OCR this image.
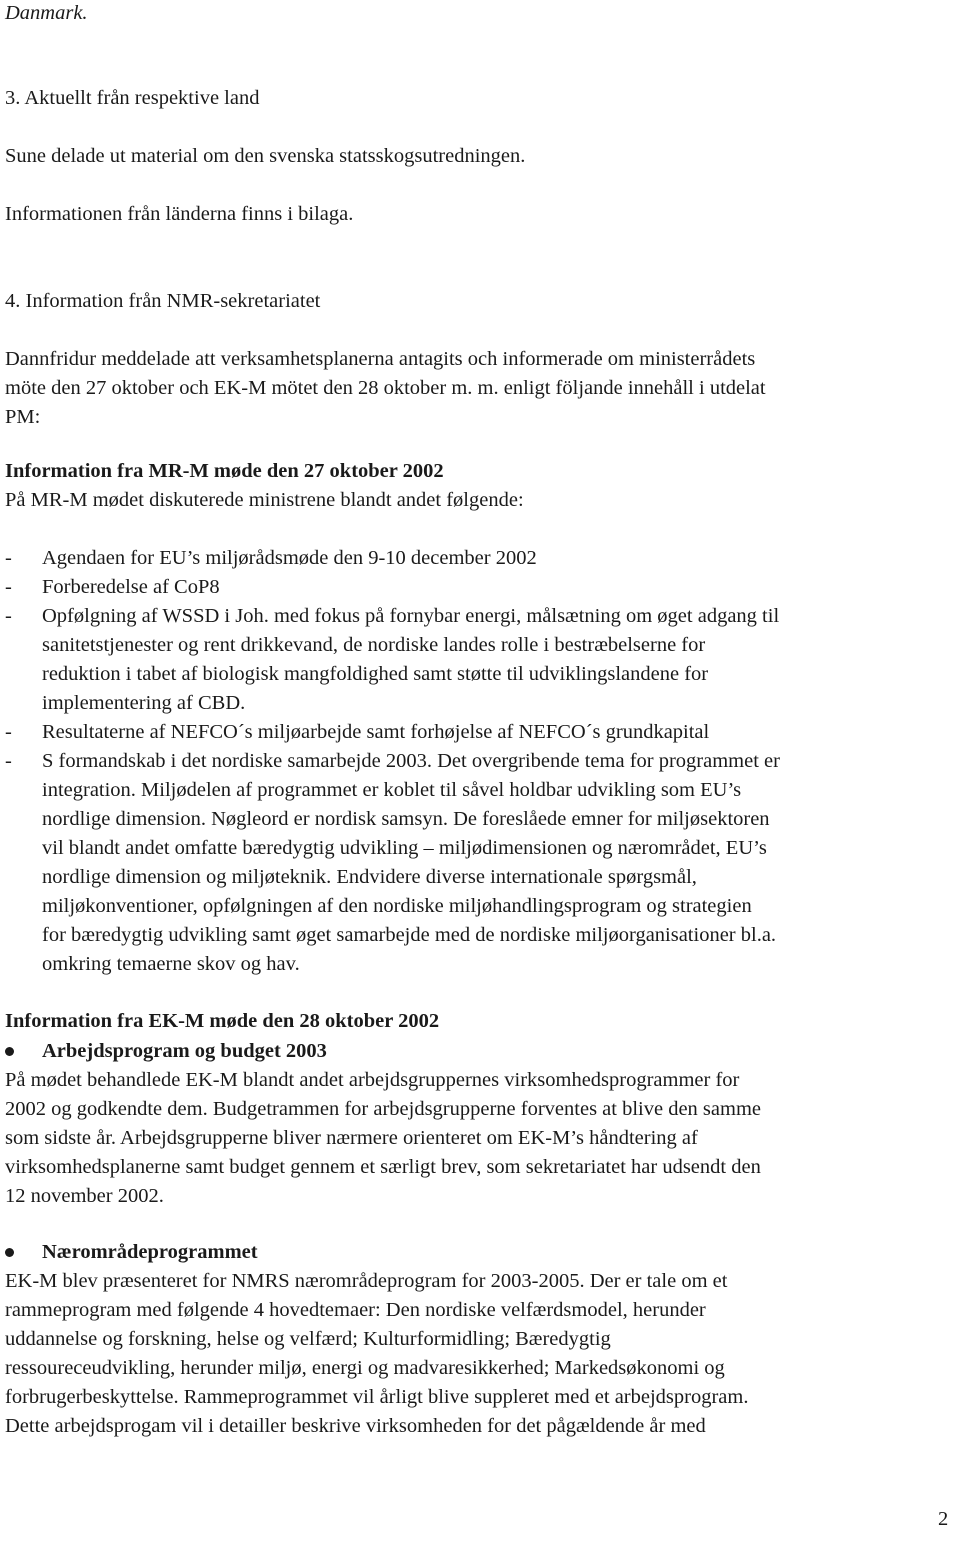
Danmark.
3. Aktuellt från respektive land
Sune delade ut material om den svenska statsskogsutredningen.
Informationen från länderna finns i bilaga.
4. Information från NMR-sekretariatet
Dannfridur meddelade att verksamhetsplanerna antagits och informerade om ministerrådets
möte den 27 oktober och EK-M mötet den 28 oktober m. m. enligt följande innehåll i utdelat
PM:
Information fra MR-M møde den 27 oktober 2002
På MR-M mødet diskuterede ministrene blandt andet følgende:
- Agendaen for EU’s miljørådsmøde den 9-10 december 2002
- Forberedelse af CoP8
- Opfølgning af WSSD i Joh. med fokus på fornybar energi, målsætning om øget adgang til
sanitetstjenester og rent drikkevand, de nordiske landes rolle i bestræbelserne for
reduktion i tabet af biologisk mangfoldighed samt støtte til udviklingslandene for
implementering af CBD.
- Resultaterne af NEFCO´s miljøarbejde samt forhøjelse af NEFCO´s grundkapital
- S formandskab i det nordiske samarbejde 2003. Det overgribende tema for programmet er
integration. Miljødelen af programmet er koblet til såvel holdbar udvikling som EU’s
nordlige dimension. Nøgleord er nordisk samsyn. De foreslåede emner for miljøsektoren
vil blandt andet omfatte bæredygtig udvikling – miljødimensionen og nærområdet, EU’s
nordlige dimension og miljøteknik. Endvidere diverse internationale spørgsmål,
miljøkonventioner, opfølgningen af den nordiske miljøhandlingsprogram og strategien
for bæredygtig udvikling samt øget samarbejde med de nordiske miljøorganisationer bl.a.
omkring temaerne skov og hav.
Information fra EK-M møde den 28 oktober 2002
Arbejdsprogram og budget 2003
På mødet behandlede EK-M blandt andet arbejdsgruppernes virksomhedsprogrammer for
2002 og godkendte dem. Budgetrammen for arbejdsgrupperne forventes at blive den samme
som sidste år. Arbejdsgrupperne bliver nærmere orienteret om EK-M’s håndtering af
virksomhedsplanerne samt budget gennem et særligt brev, som sekretariatet har udsendt den
12 november 2002.
Nærområdeprogrammet
EK-M blev præsenteret for NMRS nærområdeprogram for 2003-2005. Der er tale om et
rammeprogram med følgende 4 hovedtemaer: Den nordiske velfærdsmodel, herunder
uddannelse og forskning, helse og velfærd; Kulturformidling; Bæredygtig
ressoureceudvikling, herunder miljø, energi og madvaresikkerhed; Markedsøkonomi og
forbrugerbeskyttelse. Rammeprogrammet vil årligt blive suppleret med et arbejdsprogram.
Dette arbejdsprogam vil i detailler beskrive virksomheden for det pågældende år med
2
